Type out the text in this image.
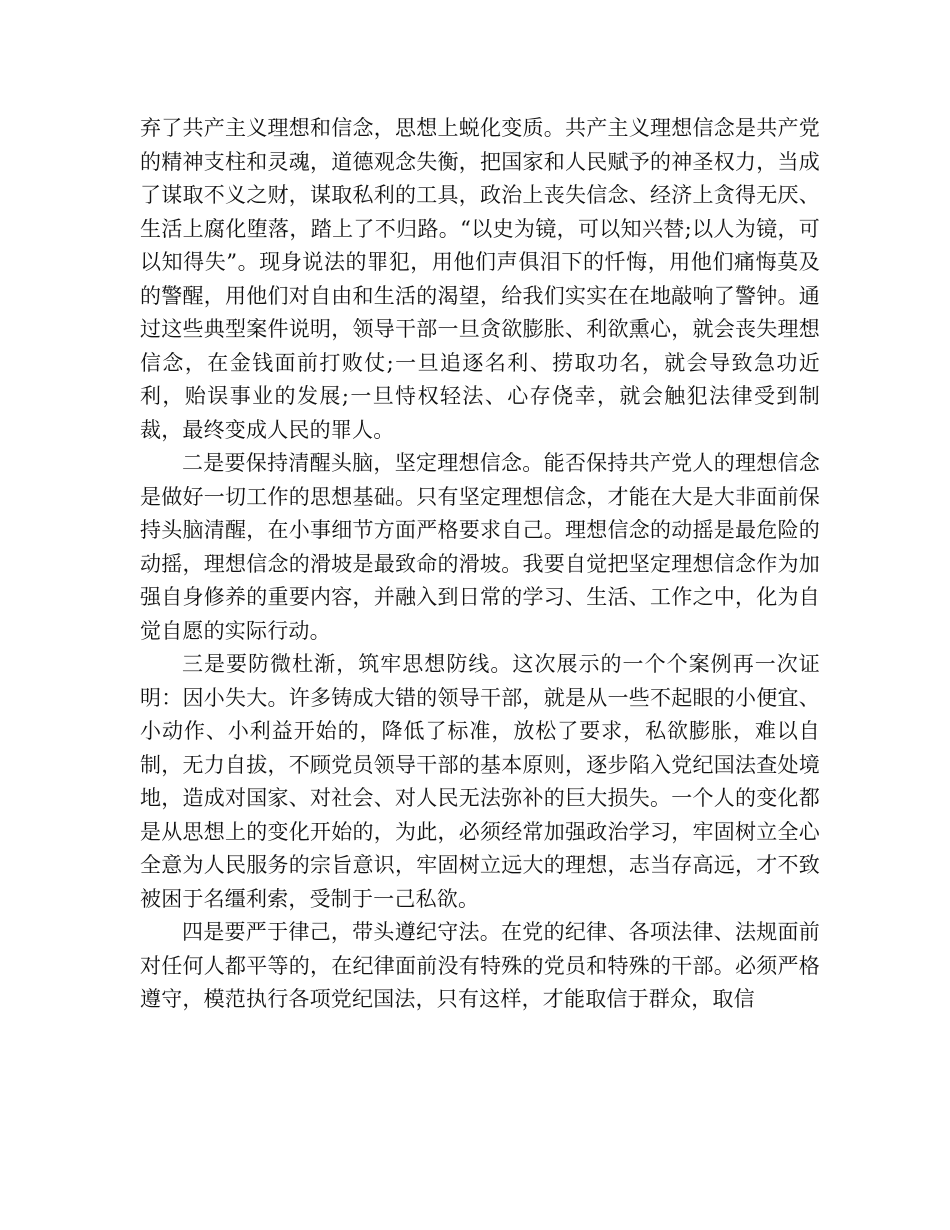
弃了共产主义理想和信念，思想上蜕化变质。共产主义理想信念是共产党的精神支柱和灵魂，道德观念失衡，把国家和人民赋予的神圣权力，当成了谋取不义之财，谋取私利的工具，政治上丧失信念、经济上贪得无厌、生活上腐化堕落，踏上了不归路。“以史为镜，可以知兴替;以人为镜，可以知得失”。现身说法的罪犯，用他们声俱泪下的忏悔，用他们痛悔莫及的警醒，用他们对自由和生活的渴望，给我们实实在在地敲响了警钟。通过这些典型案件说明，领导干部一旦贪欲膨胀、利欲熏心，就会丧失理想信念，在金钱面前打败仗;一旦追逐名利、捞取功名，就会导致急功近利，贻误事业的发展;一旦恃权轻法、心存侥幸，就会触犯法律受到制裁，最终变成人民的罪人。

二是要保持清醒头脑，坚定理想信念。能否保持共产党人的理想信念是做好一切工作的思想基础。只有坚定理想信念，才能在大是大非面前保持头脑清醒，在小事细节方面严格要求自己。理想信念的动摇是最危险的动摇，理想信念的滑坡是最致命的滑坡。我要自觉把坚定理想信念作为加强自身修养的重要内容，并融入到日常的学习、生活、工作之中，化为自觉自愿的实际行动。

三是要防微杜渐，筑牢思想防线。这次展示的一个个案例再一次证明：因小失大。许多铸成大错的领导干部，就是从一些不起眼的小便宜、小动作、小利益开始的，降低了标准，放松了要求，私欲膨胀，难以自制，无力自拔，不顾党员领导干部的基本原则，逐步陷入党纪国法查处境地，造成对国家、对社会、对人民无法弥补的巨大损失。一个人的变化都是从思想上的变化开始的，为此，必须经常加强政治学习，牢固树立全心全意为人民服务的宗旨意识，牢固树立远大的理想，志当存高远，才不致被困于名缰利索，受制于一己私欲。

四是要严于律己，带头遵纪守法。在党的纪律、各项法律、法规面前对任何人都平等的，在纪律面前没有特殊的党员和特殊的干部。必须严格遵守，模范执行各项党纪国法，只有这样，才能取信于群众，取信
